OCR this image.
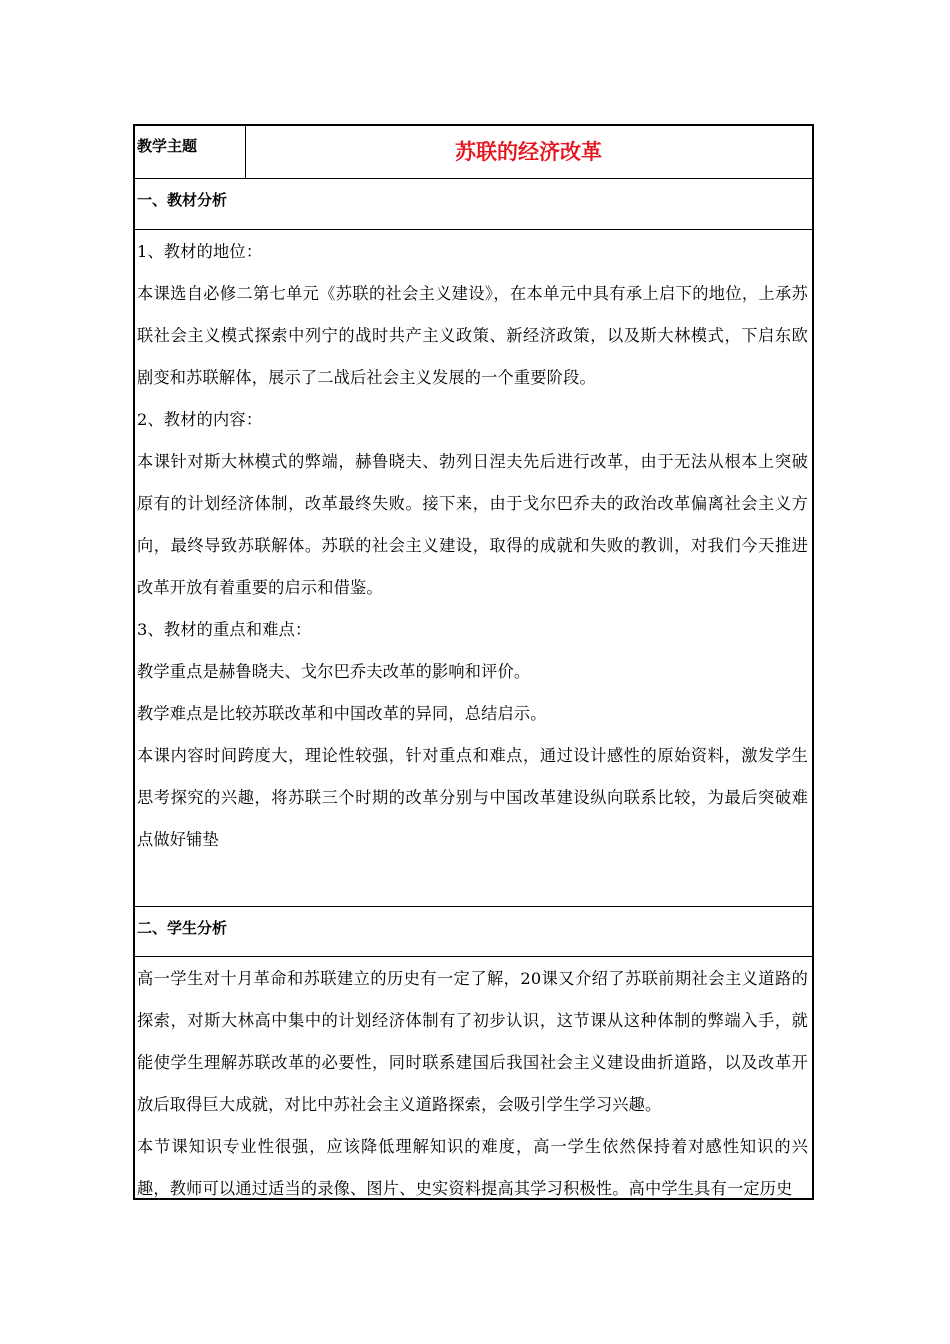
教学主题	苏联的经济改革
一、教材分析

1、教材的地位：

本课选自必修二第七单元《苏联的社会主义建设》，在本单元中具有承上启下的地位，上承苏联社会主义模式探索中列宁的战时共产主义政策、新经济政策，以及斯大林模式，下启东欧剧变和苏联解体，展示了二战后社会主义发展的一个重要阶段。

2、教材的内容：

本课针对斯大林模式的弊端，赫鲁晓夫、勃列日涅夫先后进行改革，由于无法从根本上突破原有的计划经济体制，改革最终失败。接下来，由于戈尔巴乔夫的政治改革偏离社会主义方向，最终导致苏联解体。苏联的社会主义建设，取得的成就和失败的教训，对我们今天推进改革开放有着重要的启示和借鉴。

3、教材的重点和难点：

教学重点是赫鲁晓夫、戈尔巴乔夫改革的影响和评价。

教学难点是比较苏联改革和中国改革的异同，总结启示。

本课内容时间跨度大，理论性较强，针对重点和难点，通过设计感性的原始资料，激发学生思考探究的兴趣，将苏联三个时期的改革分别与中国改革建设纵向联系比较，为最后突破难点做好铺垫

二、学生分析

高一学生对十月革命和苏联建立的历史有一定了解，20课又介绍了苏联前期社会主义道路的探索，对斯大林高中集中的计划经济体制有了初步认识，这节课从这种体制的弊端入手，就能使学生理解苏联改革的必要性，同时联系建国后我国社会主义建设曲折道路，以及改革开放后取得巨大成就，对比中苏社会主义道路探索，会吸引学生学习兴趣。

本节课知识专业性很强，应该降低理解知识的难度，高一学生依然保持着对感性知识的兴趣，教师可以通过适当的录像、图片、史实资料提高其学习积极性。高中学生具有一定历史
